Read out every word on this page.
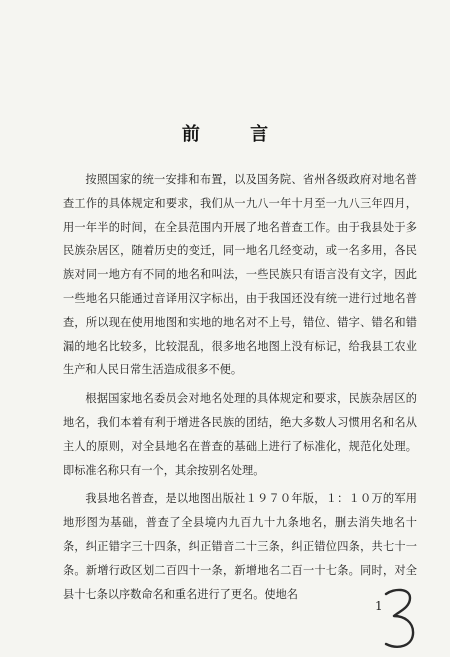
前 言

按照国家的统一安排和布置，以及国务院、省州各级政府对地名普查工作的具体规定和要求，我们从一九八一年十月至一九八三年四月，用一年半的时间，在全县范围内开展了地名普查工作。由于我县处于多民族杂居区，随着历史的变迁，同一地名几经变动，或一名多用，各民族对同一地方有不同的地名和叫法，一些民族只有语言没有文字，因此一些地名只能通过音译用汉字标出，由于我国还没有统一进行过地名普查，所以现在使用地图和实地的地名对不上号，错位、错字、错名和错漏的地名比较多，比较混乱，很多地名地图上没有标记，给我县工农业生产和人民日常生活造成很多不便。

根据国家地名委员会对地名处理的具体规定和要求，民族杂居区的地名，我们本着有利于增进各民族的团结，绝大多数人习惯用名和名从主人的原则，对全县地名在普查的基础上进行了标准化，规范化处理。即标准名称只有一个，其余按别名处理。

我县地名普查，是以地图出版社１９７０年版，１：１０万的军用地形图为基础，普查了全县境内九百九十九条地名，删去消失地名十条，纠正错字三十四条，纠正错音二十三条，纠正错位四条，共七十一条。新增行政区划二百四十一条，新增地名二百一十七条。同时，对全县十七条以序数命名和重名进行了更名。使地名

1
